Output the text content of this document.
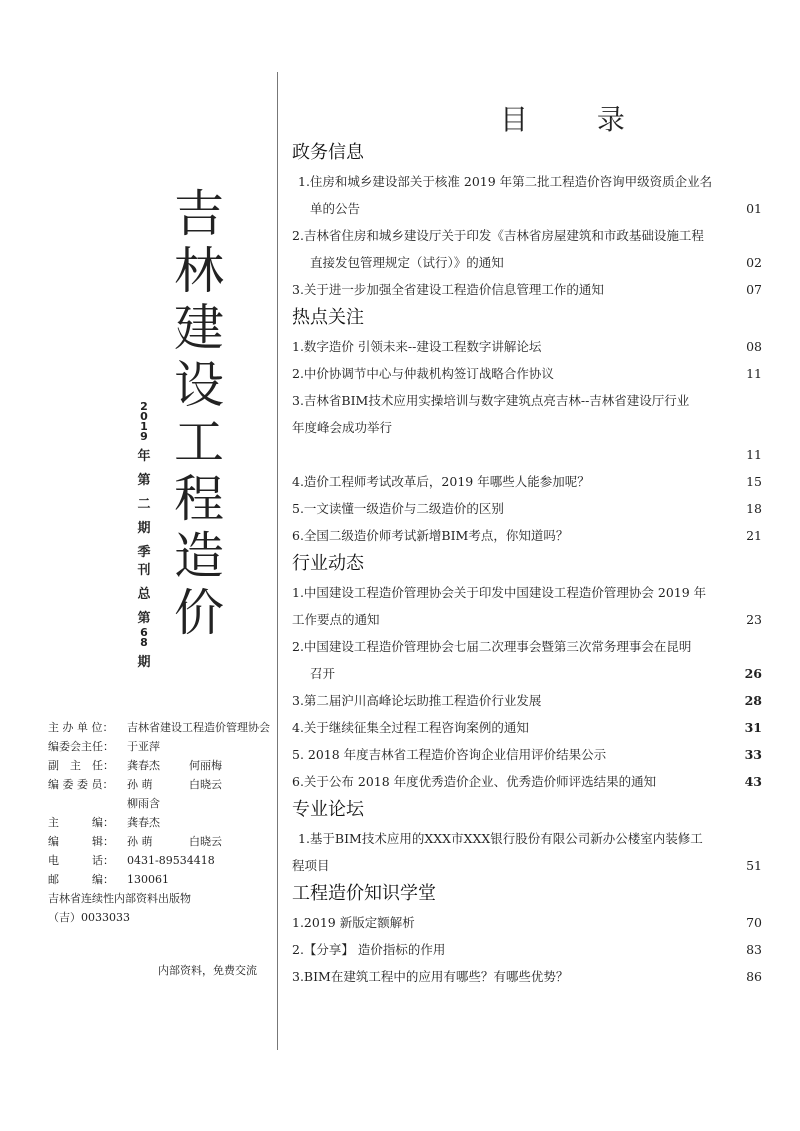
吉
林
建
设
工
程
造
价
2
0
1
9
年
第
二
期
季
刊
总
第
6
8
期
主 办 单 位：	吉林省建设工程造价管理协会
编委会主任：	于亚萍
副　主　任：	龚春杰	何丽梅
编 委 委 员：	孙 萌	白晓云
柳雨含
主　　　编：	龚春杰
编　　　辑：	孙 萌	白晓云
电　　　话：	0431-89534418
邮　　　编：	130061
吉林省连续性内部资料出版物
（吉）0033033
内部资料，免费交流
目 录
政务信息
1.住房和城乡建设部关于核准 2019 年第二批工程造价咨询甲级资质企业名
单的公告	01
2.吉林省住房和城乡建设厅关于印发《吉林省房屋建筑和市政基础设施工程
直接发包管理规定（试行）》的通知	02
3.关于进一步加强全省建设工程造价信息管理工作的通知	07
热点关注
1.数字造价 引领未来--建设工程数字讲解论坛	08
2.中价协调节中心与仲裁机构签订战略合作协议	11
3.吉林省BIM技术应用实操培训与数字建筑点亮吉林--吉林省建设厅行业
年度峰会成功举行
11
4.造价工程师考试改革后，2019 年哪些人能参加呢？	15
5.一文读懂一级造价与二级造价的区别	18
6.全国二级造价师考试新增BIM考点，你知道吗？	21
行业动态
1.中国建设工程造价管理协会关于印发中国建设工程造价管理协会 2019 年
工作要点的通知	23
2.中国建设工程造价管理协会七届二次理事会暨第三次常务理事会在昆明
召开	26
3.第二届沪川高峰论坛助推工程造价行业发展	28
4.关于继续征集全过程工程咨询案例的通知	31
5. 2018 年度吉林省工程造价咨询企业信用评价结果公示	33
6.关于公布 2018 年度优秀造价企业、优秀造价师评选结果的通知	43
专业论坛
1.基于BIM技术应用的XXX市XXX银行股份有限公司新办公楼室内装修工
程项目	51
工程造价知识学堂
1.2019 新版定额解析	70
2.【分享】 造价指标的作用	83
3.BIM在建筑工程中的应用有哪些？有哪些优势？	86
